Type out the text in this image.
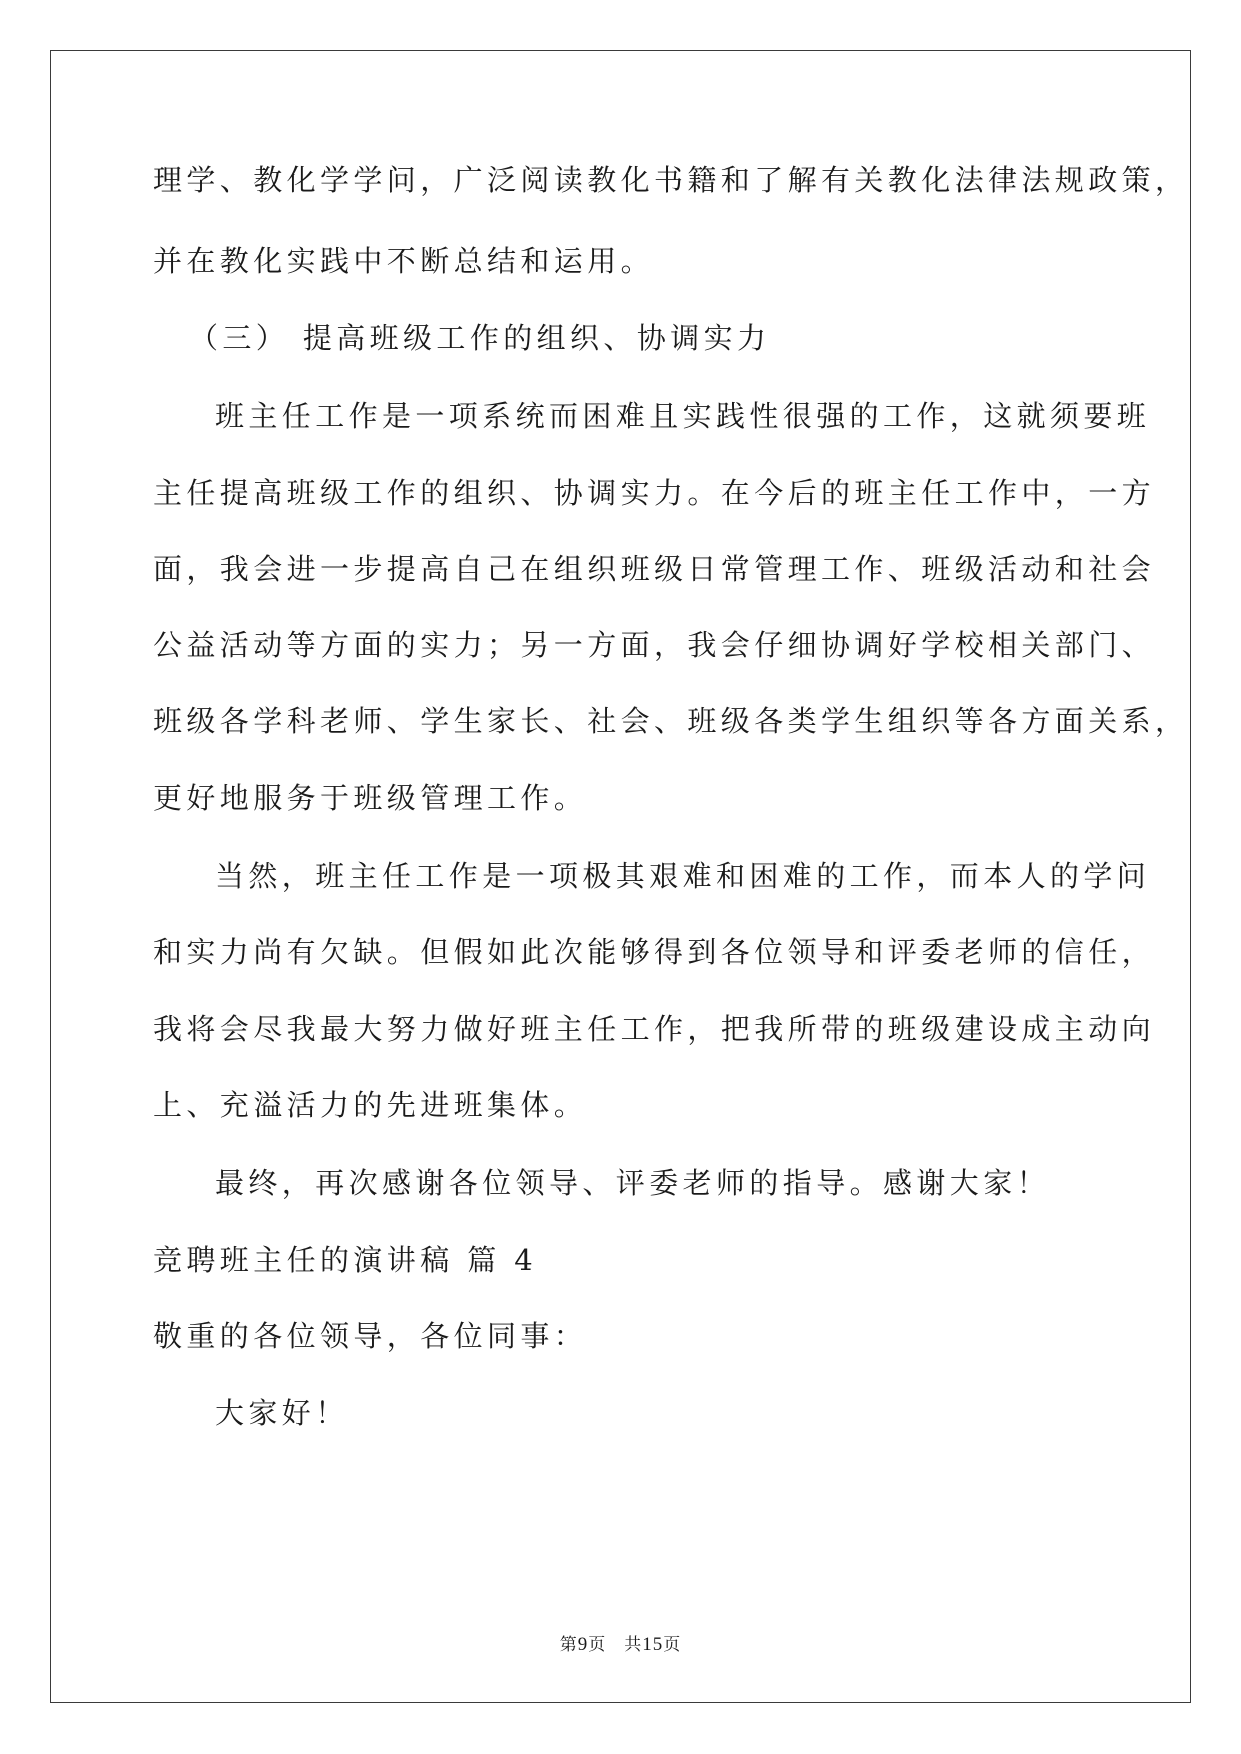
理学、教化学学问，广泛阅读教化书籍和了解有关教化法律法规政策，
并在教化实践中不断总结和运用。
（三） 提高班级工作的组织、协调实力
班主任工作是一项系统而困难且实践性很强的工作，这就须要班
主任提高班级工作的组织、协调实力。在今后的班主任工作中，一方
面，我会进一步提高自己在组织班级日常管理工作、班级活动和社会
公益活动等方面的实力；另一方面，我会仔细协调好学校相关部门、
班级各学科老师、学生家长、社会、班级各类学生组织等各方面关系，
更好地服务于班级管理工作。
当然，班主任工作是一项极其艰难和困难的工作，而本人的学问
和实力尚有欠缺。但假如此次能够得到各位领导和评委老师的信任，
我将会尽我最大努力做好班主任工作，把我所带的班级建设成主动向
上、充溢活力的先进班集体。
最终，再次感谢各位领导、评委老师的指导。感谢大家！
竞聘班主任的演讲稿 篇 4
敬重的各位领导，各位同事：
大家好！
第9页　共15页
